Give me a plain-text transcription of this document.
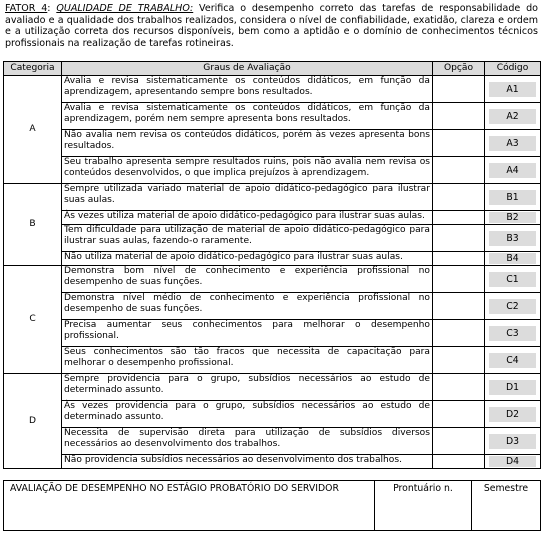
FATOR 4: QUALIDADE DE TRABALHO: Verifica o desempenho correto das tarefas de responsabilidade do avaliado e a qualidade dos trabalhos realizados, considera o nível de confiabilidade, exatidão, clareza e ordem e a utilização correta dos recursos disponíveis, bem como a aptidão e o domínio de conhecimentos técnicos profissionais na realização de tarefas rotineiras.
Categoria	Graus de Avaliação	Opção	Código
A	Avalia e revisa sistematicamente os conteúdos didáticos, em função da aprendizagem, apresentando sempre bons resultados.		A1

	Avalia e revisa sistematicamente os conteúdos didáticos, em função da aprendizagem, porém nem sempre apresenta bons resultados.		A2

	Não avalia nem revisa os conteúdos didáticos, porém às vezes apresenta bons resultados.		A3

	Seu trabalho apresenta sempre resultados ruins, pois não avalia nem revisa os conteúdos desenvolvidos, o que implica prejuízos à aprendizagem.		A4

B	Sempre utilizada variado material de apoio didático-pedagógico para ilustrar suas aulas.		B1

	Às vezes utiliza material de apoio didático-pedagógico para ilustrar suas aulas.		B2

	Tem dificuldade para utilização de material de apoio didático-pedagógico para ilustrar suas aulas, fazendo-o raramente.		B3

	Não utiliza material de apoio didático-pedagógico para ilustrar suas aulas.		B4

C	Demonstra bom nível de conhecimento e experiência profissional no desempenho de suas funções.		C1

	Demonstra nível médio de conhecimento e experiência profissional no desempenho de suas funções.		C2

	Precisa aumentar seus conhecimentos para melhorar o desempenho profissional.		C3

	Seus conhecimentos são tão fracos que necessita de capacitação para melhorar o desempenho profissional.		C4

D	Sempre providencia para o grupo, subsídios necessários ao estudo de determinado assunto.		D1

	Às vezes providencia para o grupo, subsídios necessários ao estudo de determinado assunto.		D2

	Necessita de supervisão direta para utilização de subsídios diversos necessários ao desenvolvimento dos trabalhos.		D3

	Não providencia subsídios necessários ao desenvolvimento dos trabalhos.		D4
AVALIAÇÃO DE DESEMPENHO NO ESTÁGIO PROBATÓRIO DO SERVIDOR	Prontuário n.	Semestre
